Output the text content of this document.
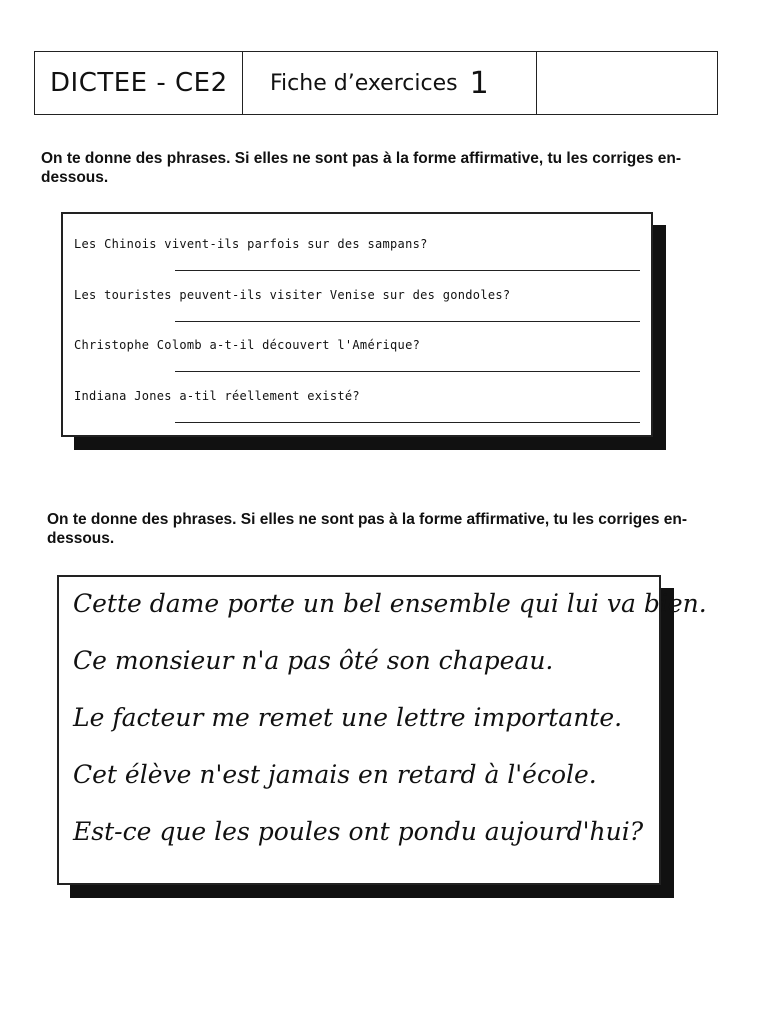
DICTEE - CE2 Fiche d’exercices 1
On te donne des phrases. Si elles ne sont pas à la forme affirmative, tu les corriges en-dessous.
Les Chinois vivent-ils parfois sur des sampans?
Les touristes peuvent-ils visiter Venise sur des gondoles?
Christophe Colomb a-t-il découvert l'Amérique?
Indiana Jones a-til réellement existé?
On te donne des phrases. Si elles ne sont pas à la forme affirmative, tu les corriges en-dessous.
Cette dame porte un bel ensemble qui lui va bien.
Ce monsieur n'a pas ôté son chapeau.
Le facteur me remet une lettre importante.
Cet élève n'est jamais en retard à l'école.
Est-ce que les poules ont pondu aujourd'hui?
